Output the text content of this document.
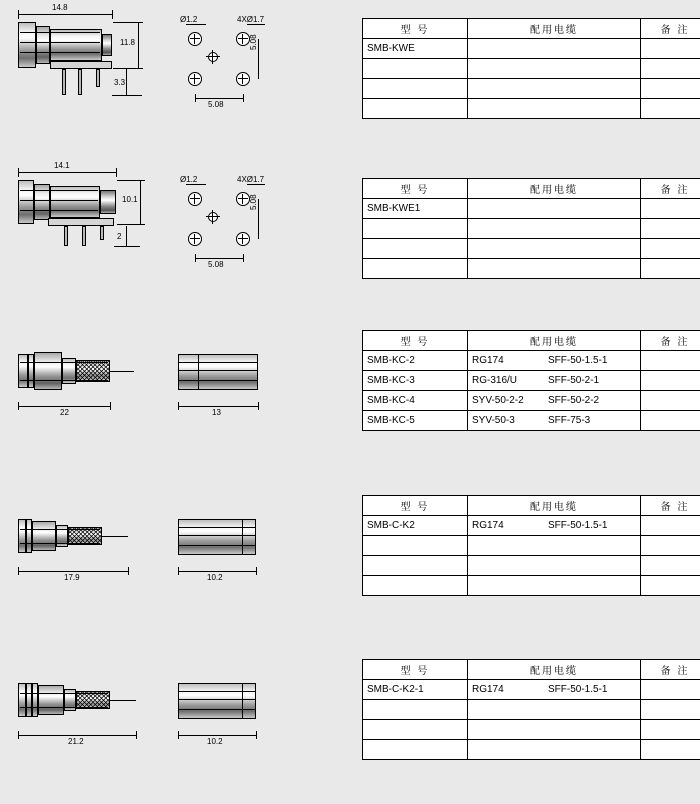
14.8
11.8
3.3
Ø1.2	4XØ1.7
5.08
5.08
型 号	配用电缆	备 注
SMB-KWE	

14.1
10.1
2
Ø1.2	4XØ1.7
5.08
5.08
型 号	配用电缆	备 注
SMB-KWE1		

22	13
型 号	配用电缆	备 注
SMB-KC-2	RG174 SFF-50-1.5-1	

SMB-KC-3	RG-316/U SFF-50-2-1	

SMB-KC-4	SYV-50-2-2 SFF-50-2-2	

SMB-KC-5	SYV-50-3 SFF-75-3	

17.9	10.2
型 号	配用电缆	备 注
SMB-C-K2	RG174 SFF-50-1.5-1	

21.2	10.2
型 号	配用电缆	备 注
SMB-C-K2-1	RG174 SFF-50-1.5-1	
